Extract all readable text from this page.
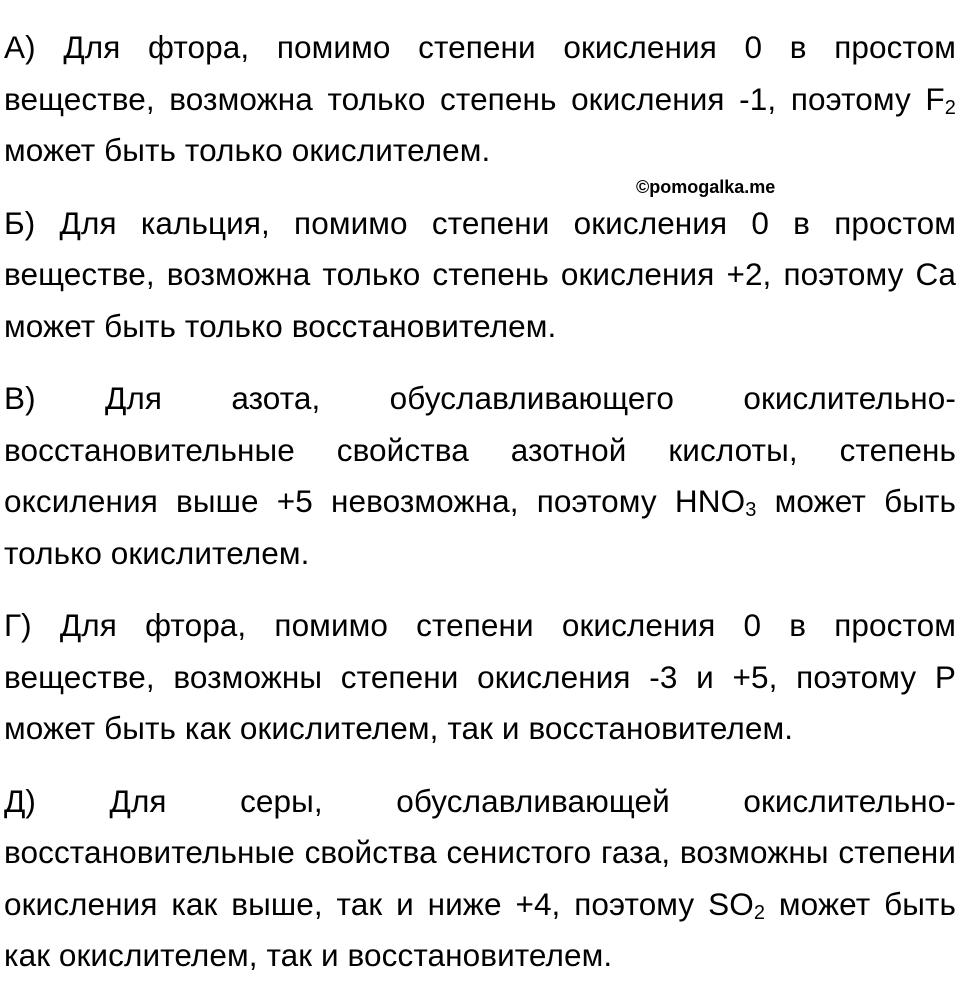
А) Для фтора, помимо степени окисления 0 в простом веществе, возможна только степень окисления -1, поэтому $F_2$ может быть только окислителем.

Б) Для кальция, помимо степени окисления 0 в простом веществе, возможна только степень окисления +2, поэтому Ca может быть только восстановителем.

В) Для азота, обуславливающего окислительно-восстановительные свойства азотной кислоты, степень оксиления выше +5 невозможна, поэтому $HNO_3$ может быть только окислителем.

Г) Для фтора, помимо степени окисления 0 в простом веществе, возможны степени окисления -3 и +5, поэтому P может быть как окислителем, так и восстановителем.

Д) Для серы, обуславливающей окислительно-восстановительные свойства сенистого газа, возможны степени окисления как выше, так и ниже +4, поэтому $SO_2$ может быть как окислителем, так и восстановителем.

©pomogalka.me
